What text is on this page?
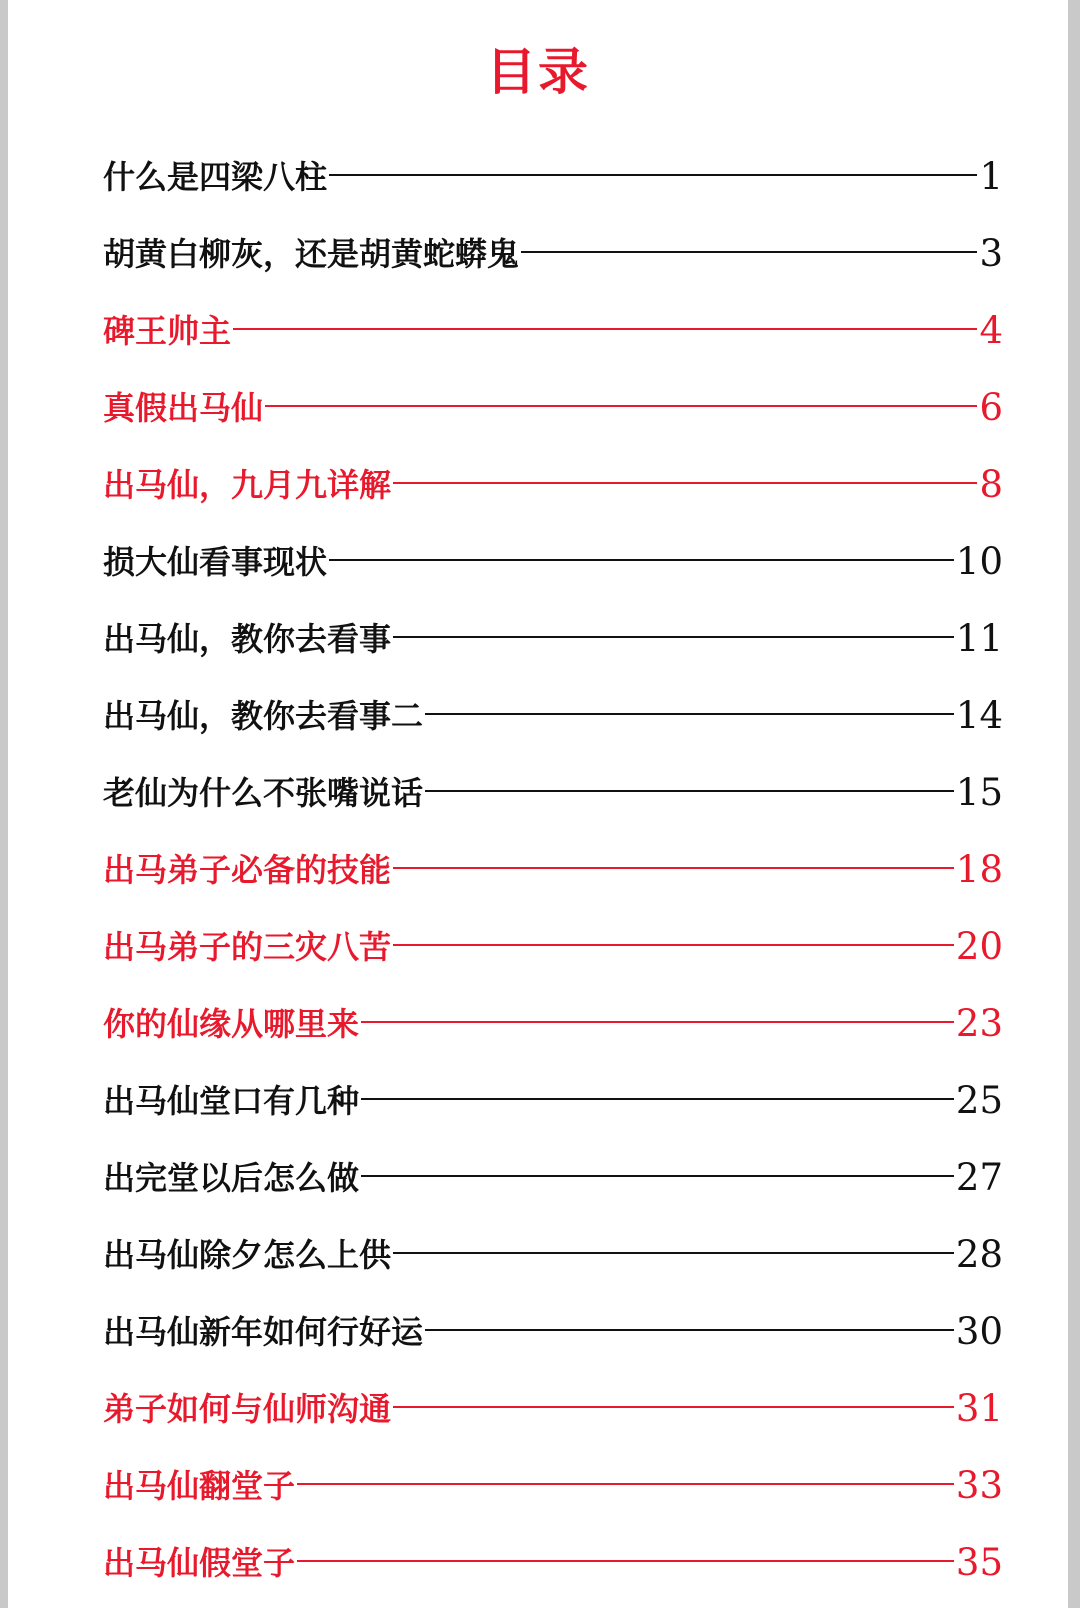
目录
什么是四梁八柱	1
胡黄白柳灰，还是胡黄蛇蟒鬼	3
碑王帅主	4
真假出马仙	6
出马仙，九月九详解	8
损大仙看事现状	10
出马仙，教你去看事	11
出马仙，教你去看事二	14
老仙为什么不张嘴说话	15
出马弟子必备的技能	18
出马弟子的三灾八苦	20
你的仙缘从哪里来	23
出马仙堂口有几种	25
出完堂以后怎么做	27
出马仙除夕怎么上供	28
出马仙新年如何行好运	30
弟子如何与仙师沟通	31
出马仙翻堂子	33
出马仙假堂子	35
